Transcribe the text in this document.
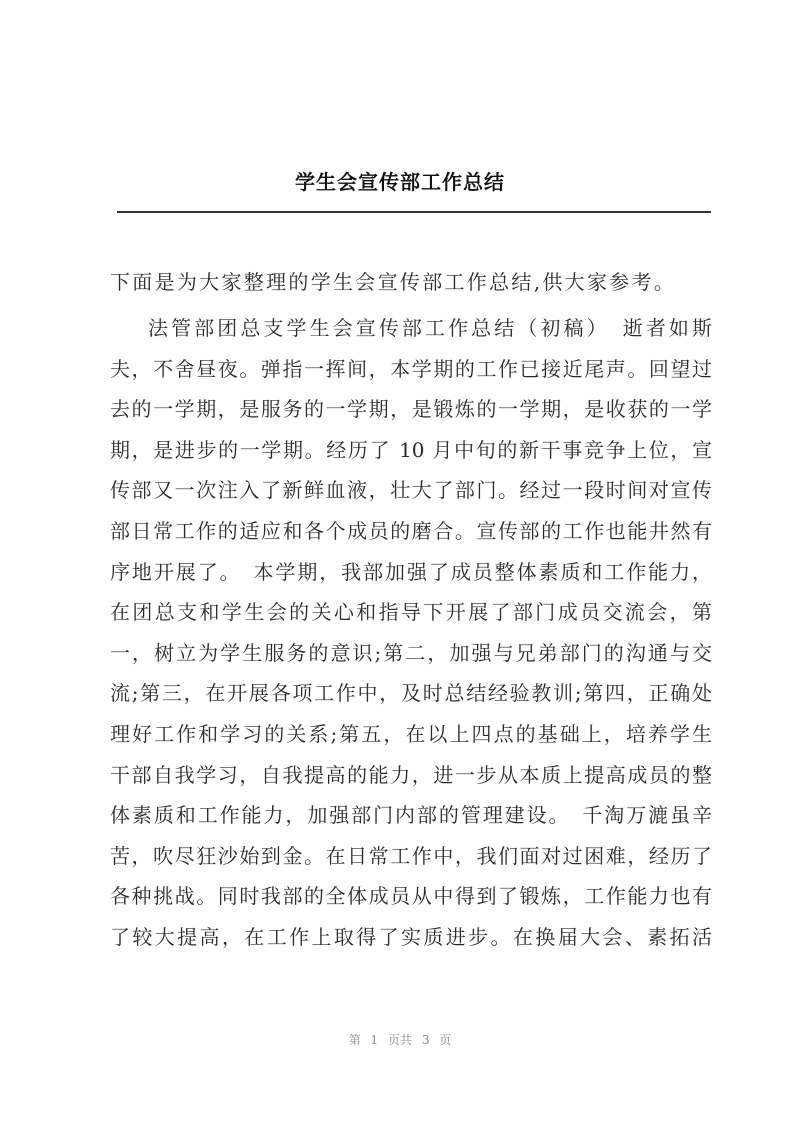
学生会宣传部工作总结
下面是为大家整理的学生会宣传部工作总结,供大家参考。
法管部团总支学生会宣传部工作总结（初稿）　逝者如斯
夫，不舍昼夜。弹指一挥间，本学期的工作已接近尾声。回望过
去的一学期，是服务的一学期，是锻炼的一学期，是收获的一学
期，是进步的一学期。经历了 10 月中旬的新干事竞争上位，宣
传部又一次注入了新鲜血液，壮大了部门。经过一段时间对宣传
部日常工作的适应和各个成员的磨合。宣传部的工作也能井然有
序地开展了。　本学期，我部加强了成员整体素质和工作能力，
在团总支和学生会的关心和指导下开展了部门成员交流会，第
一，树立为学生服务的意识;第二，加强与兄弟部门的沟通与交
流;第三，在开展各项工作中，及时总结经验教训;第四，正确处
理好工作和学习的关系;第五，在以上四点的基础上，培养学生
干部自我学习，自我提高的能力，进一步从本质上提高成员的整
体素质和工作能力，加强部门内部的管理建设。　千淘万漉虽辛
苦，吹尽狂沙始到金。在日常工作中，我们面对过困难，经历了
各种挑战。同时我部的全体成员从中得到了锻炼，工作能力也有
了较大提高，在工作上取得了实质进步。在换届大会、素拓活
第 1 页共 3 页
